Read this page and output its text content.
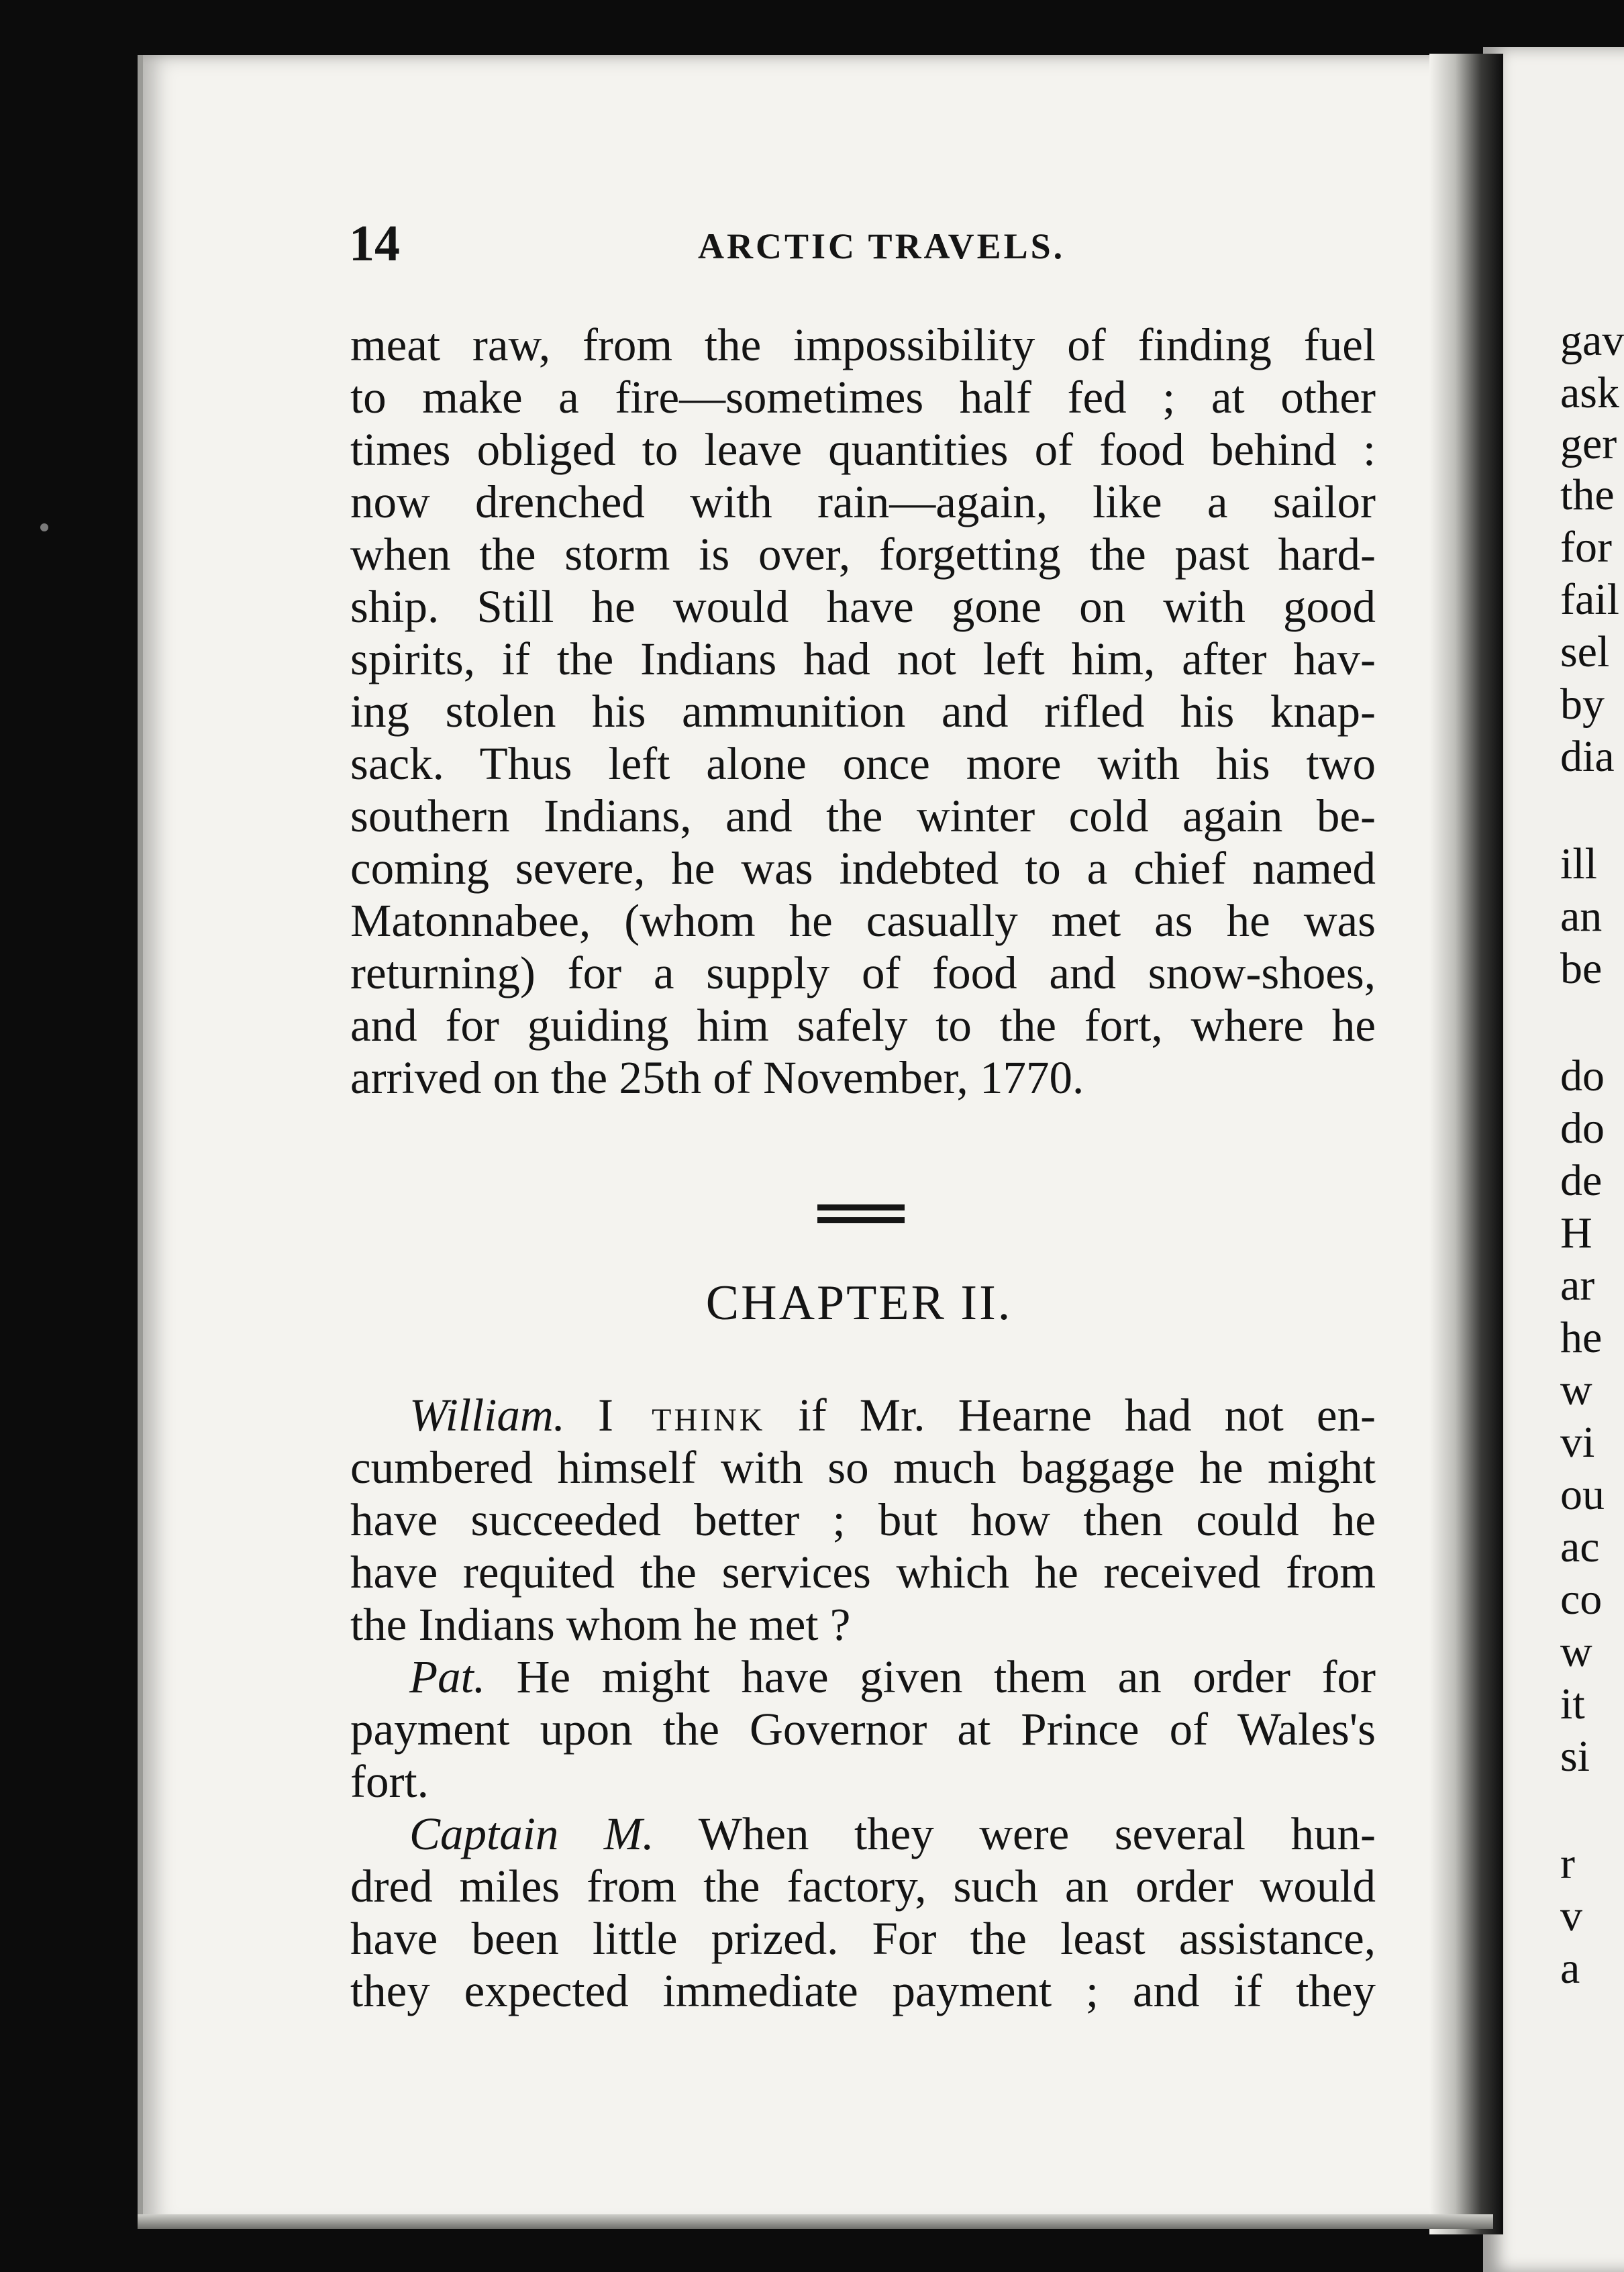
gav

ask

ger

the

for

fail

sel

by

dia

ill

an

be

do

do

de

H

ar

he

w

vi

ou

ac

co

w

it

si

r

v

a

14	ARCTIC TRAVELS.

meat raw, from the impossibility of finding fuel
to make a fire—sometimes half fed ; at other
times obliged to leave quantities of food behind :
now drenched with rain—again, like a sailor
when the storm is over, forgetting the past hard-
ship. Still he would have gone on with good
spirits, if the Indians had not left him, after hav-
ing stolen his ammunition and rifled his knap-
sack. Thus left alone once more with his two
southern Indians, and the winter cold again be-
coming severe, he was indebted to a chief named
Matonnabee, (whom he casually met as he was
returning) for a supply of food and snow-shoes,
and for guiding him safely to the fort, where he
arrived on the 25th of November, 1770.

CHAPTER II.

William. I think if Mr. Hearne had not en-
cumbered himself with so much baggage he might
have succeeded better ; but how then could he
have requited the services which he received from
the Indians whom he met ?
Pat. He might have given them an order for
payment upon the Governor at Prince of Wales's
fort.
Captain M. When they were several hun-
dred miles from the factory, such an order would
have been little prized. For the least assistance,
they expected immediate payment ; and if they
